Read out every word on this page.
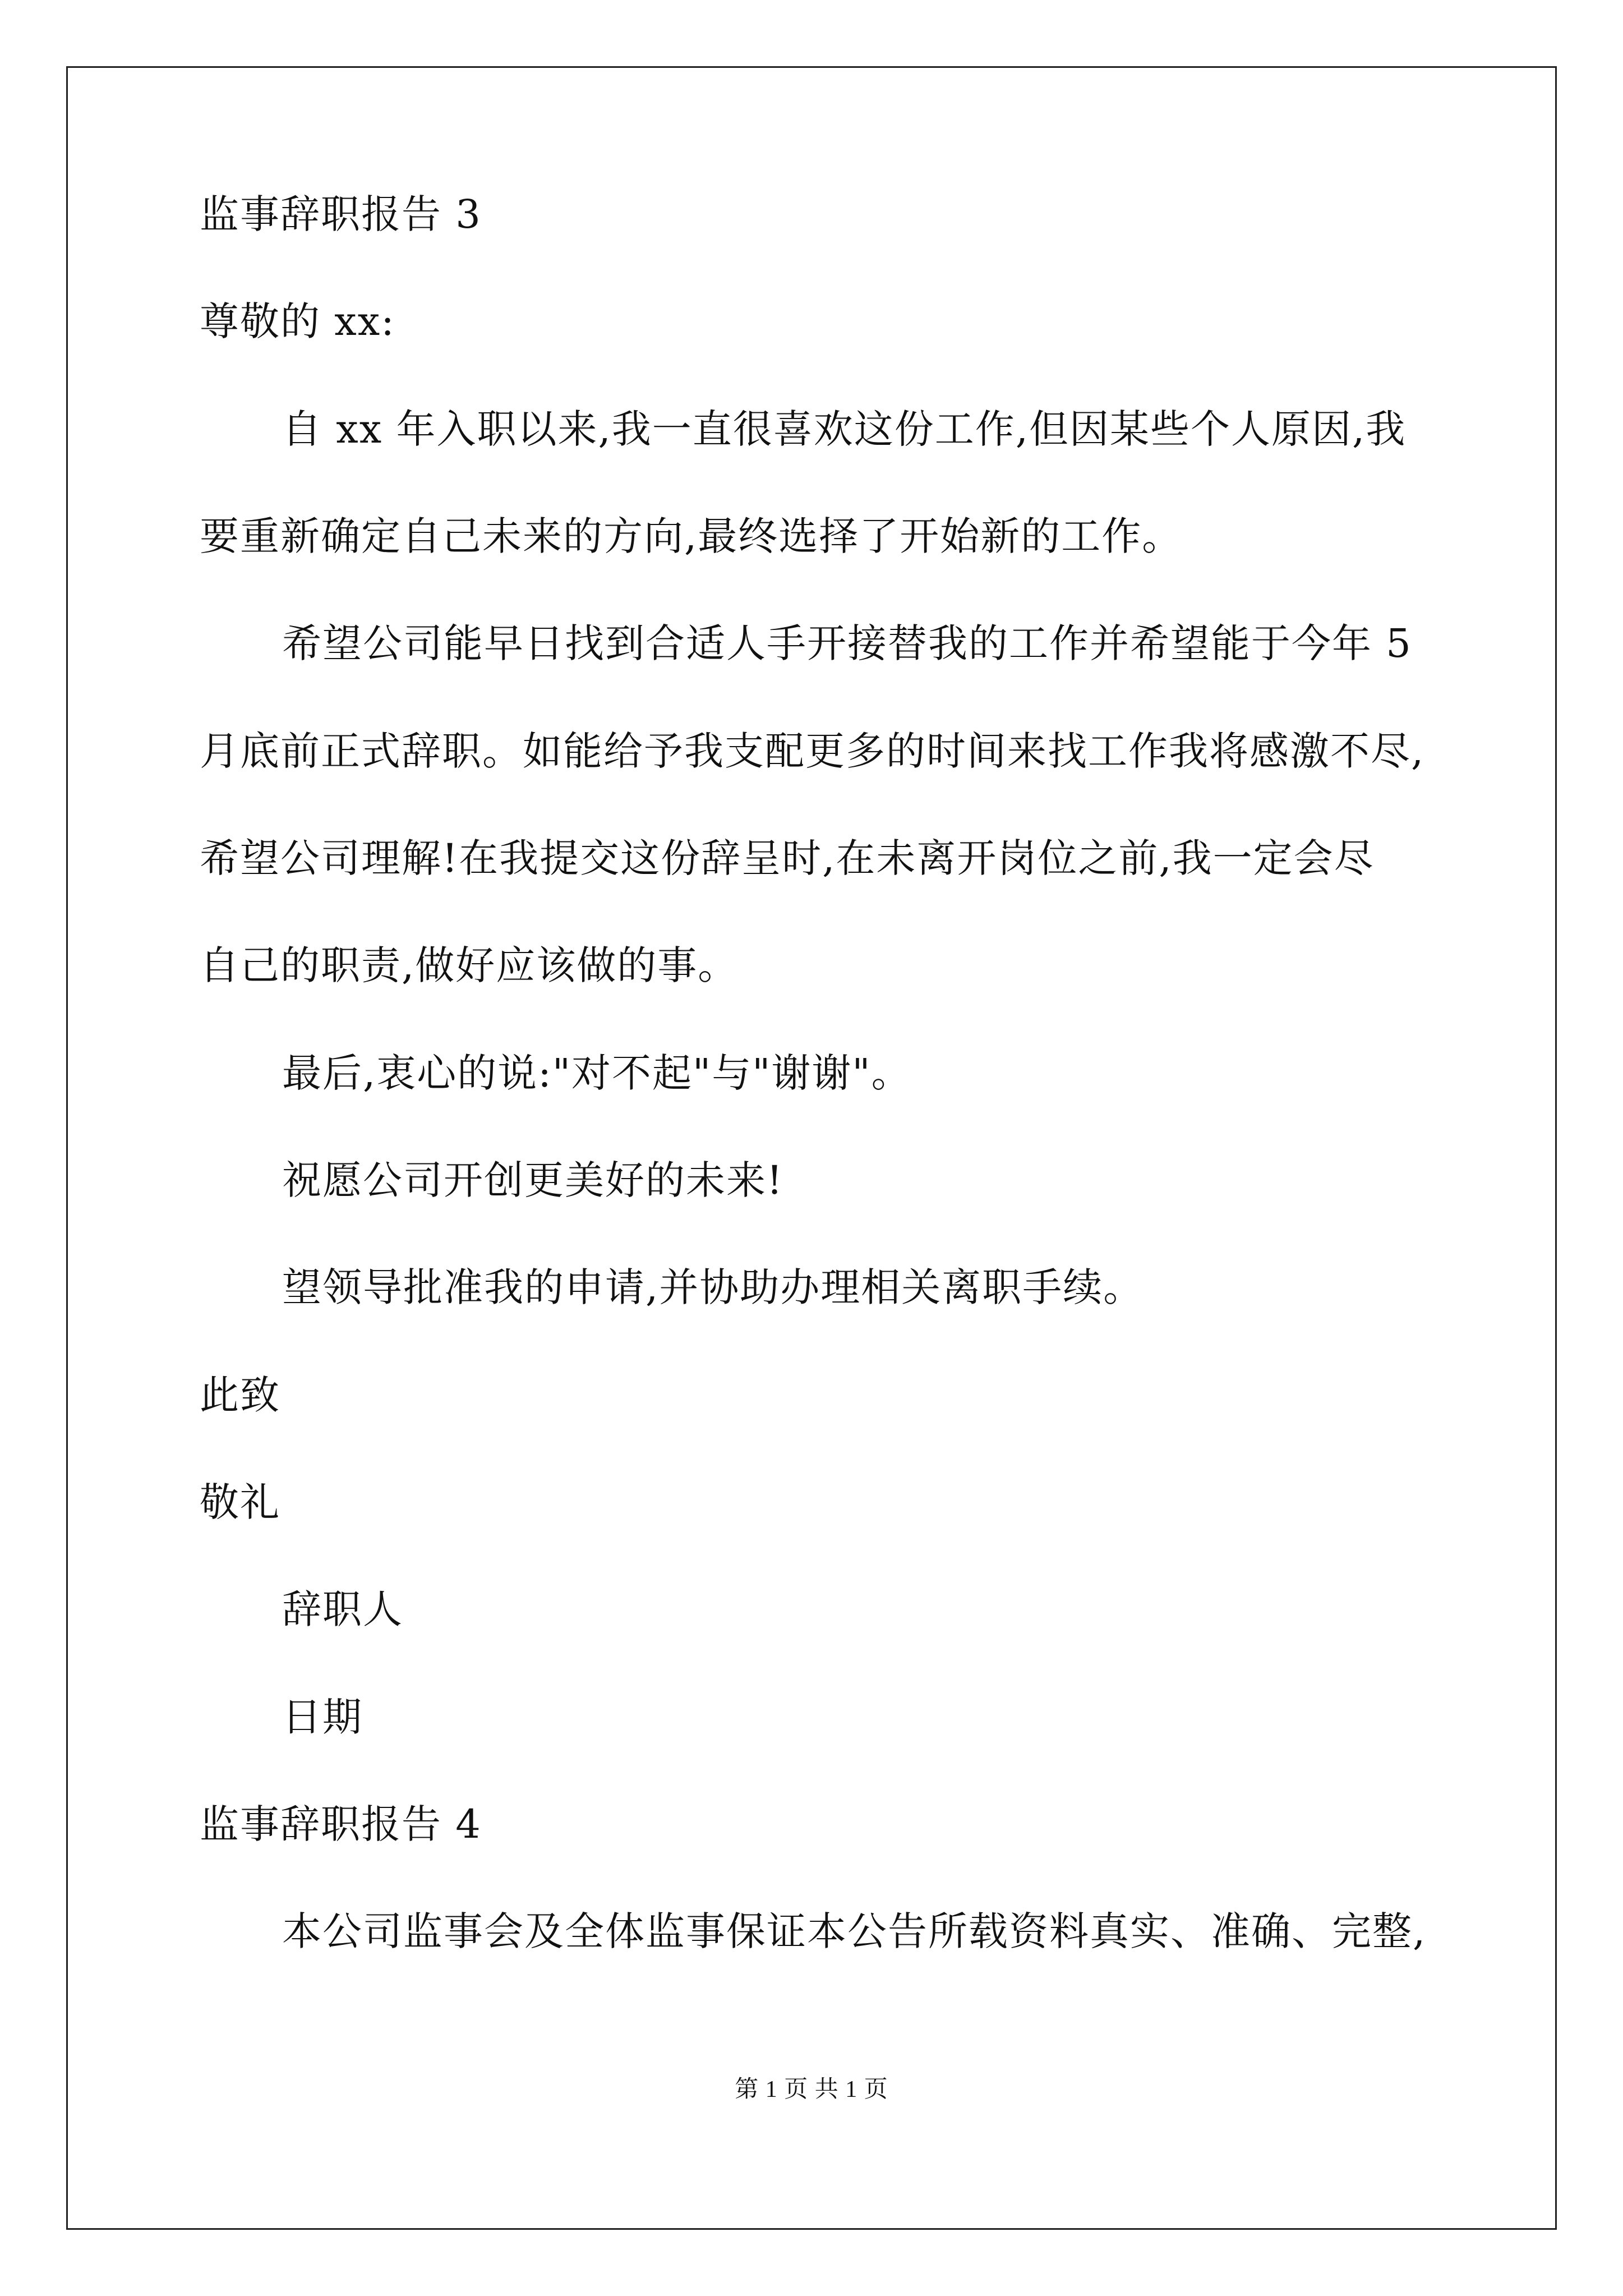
监事辞职报告 3
尊敬的 xx:
自 xx 年入职以来,我一直很喜欢这份工作,但因某些个人原因,我
要重新确定自己未来的方向,最终选择了开始新的工作。
希望公司能早日找到合适人手开接替我的工作并希望能于今年 5
月底前正式辞职。如能给予我支配更多的时间来找工作我将感激不尽,
希望公司理解!在我提交这份辞呈时,在未离开岗位之前,我一定会尽
自己的职责,做好应该做的事。
最后,衷心的说:"对不起"与"谢谢"。
祝愿公司开创更美好的未来!
望领导批准我的申请,并协助办理相关离职手续。
此致
敬礼
辞职人
日期
监事辞职报告 4
本公司监事会及全体监事保证本公告所载资料真实、准确、完整,
第 1 页 共 1 页
